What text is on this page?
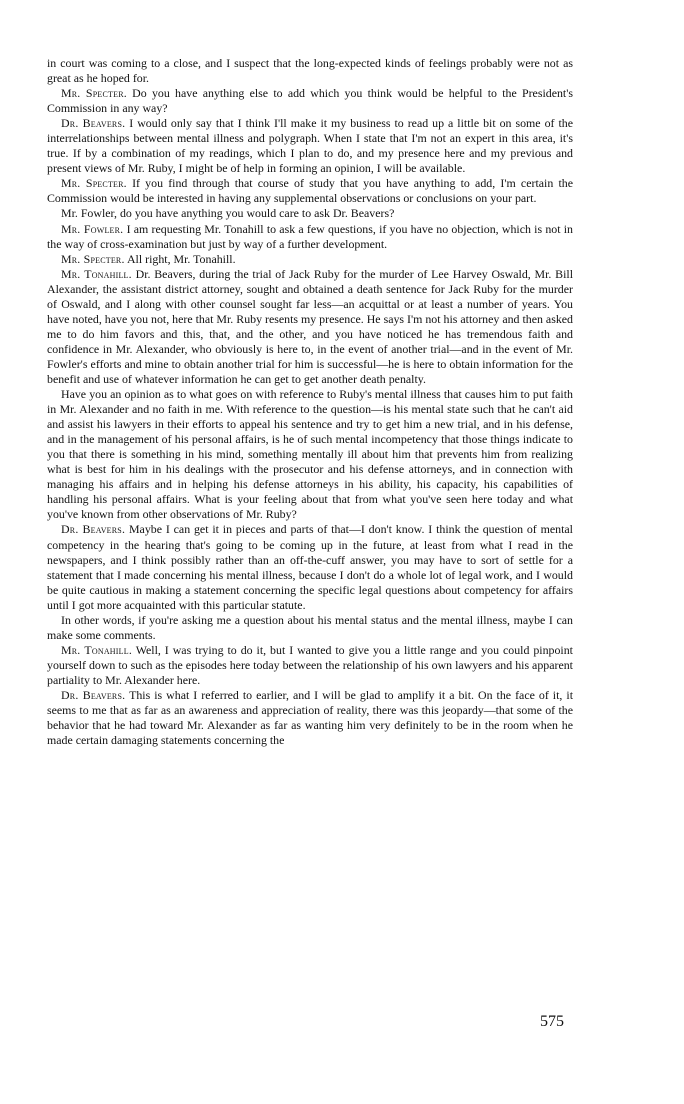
in court was coming to a close, and I suspect that the long-expected kinds of feelings probably were not as great as he hoped for.

Mr. Specter. Do you have anything else to add which you think would be helpful to the President's Commission in any way?

Dr. Beavers. I would only say that I think I'll make it my business to read up a little bit on some of the interrelationships between mental illness and polygraph. When I state that I'm not an expert in this area, it's true. If by a combination of my readings, which I plan to do, and my presence here and my previous and present views of Mr. Ruby, I might be of help in forming an opinion, I will be available.

Mr. Specter. If you find through that course of study that you have anything to add, I'm certain the Commission would be interested in having any supplemental observations or conclusions on your part.

Mr. Fowler, do you have anything you would care to ask Dr. Beavers?

Mr. Fowler. I am requesting Mr. Tonahill to ask a few questions, if you have no objection, which is not in the way of cross-examination but just by way of a further development.

Mr. Specter. All right, Mr. Tonahill.

Mr. Tonahill. Dr. Beavers, during the trial of Jack Ruby for the murder of Lee Harvey Oswald, Mr. Bill Alexander, the assistant district attorney, sought and obtained a death sentence for Jack Ruby for the murder of Oswald, and I along with other counsel sought far less—an acquittal or at least a number of years. You have noted, have you not, here that Mr. Ruby resents my presence. He says I'm not his attorney and then asked me to do him favors and this, that, and the other, and you have noticed he has tremendous faith and confidence in Mr. Alexander, who obviously is here to, in the event of another trial—and in the event of Mr. Fowler's efforts and mine to obtain another trial for him is successful—he is here to obtain information for the benefit and use of whatever information he can get to get another death penalty.

Have you an opinion as to what goes on with reference to Ruby's mental illness that causes him to put faith in Mr. Alexander and no faith in me. With reference to the question—is his mental state such that he can't aid and assist his lawyers in their efforts to appeal his sentence and try to get him a new trial, and in his defense, and in the management of his personal affairs, is he of such mental incompetency that those things indicate to you that there is something in his mind, something mentally ill about him that prevents him from realizing what is best for him in his dealings with the prosecutor and his defense attorneys, and in connection with managing his affairs and in helping his defense attorneys in his ability, his capacity, his capabilities of handling his personal affairs. What is your feeling about that from what you've seen here today and what you've known from other observations of Mr. Ruby?

Dr. Beavers. Maybe I can get it in pieces and parts of that—I don't know. I think the question of mental competency in the hearing that's going to be coming up in the future, at least from what I read in the newspapers, and I think possibly rather than an off-the-cuff answer, you may have to sort of settle for a statement that I made concerning his mental illness, because I don't do a whole lot of legal work, and I would be quite cautious in making a statement concerning the specific legal questions about competency for affairs until I got more acquainted with this particular statute.

In other words, if you're asking me a question about his mental status and the mental illness, maybe I can make some comments.

Mr. Tonahill. Well, I was trying to do it, but I wanted to give you a little range and you could pinpoint yourself down to such as the episodes here today between the relationship of his own lawyers and his apparent partiality to Mr. Alexander here.

Dr. Beavers. This is what I referred to earlier, and I will be glad to amplify it a bit. On the face of it, it seems to me that as far as an awareness and appreciation of reality, there was this jeopardy—that some of the behavior that he had toward Mr. Alexander as far as wanting him very definitely to be in the room when he made certain damaging statements concerning the

575
